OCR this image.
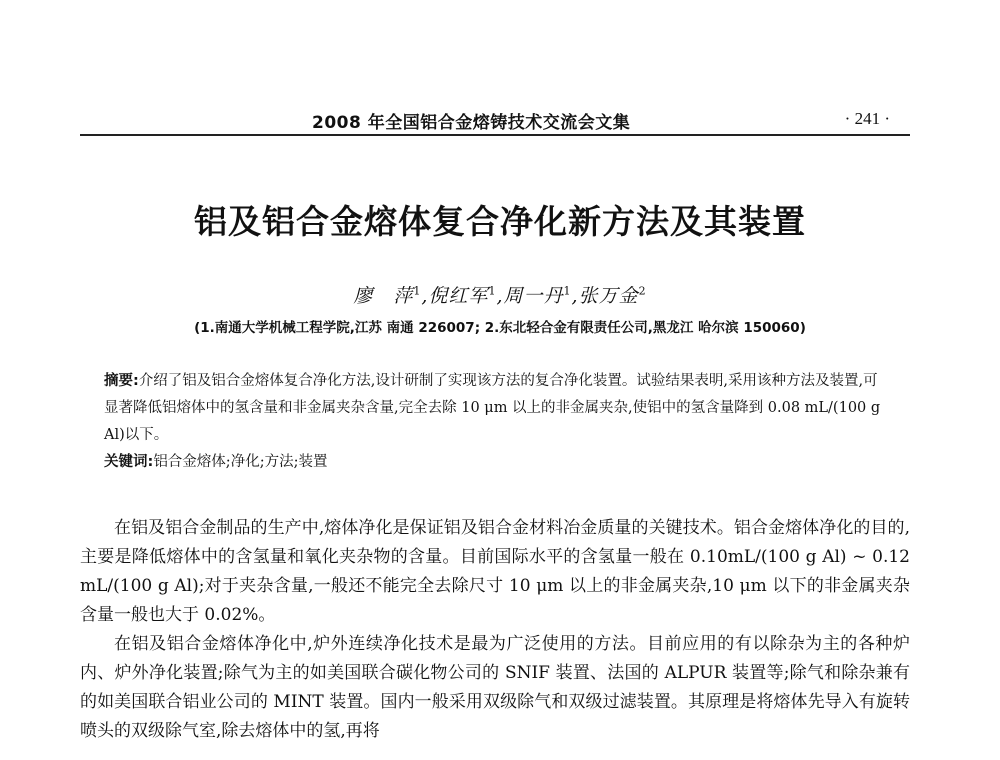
2008 年全国铝合金熔铸技术交流会文集	· 241 ·
铝及铝合金熔体复合净化新方法及其装置
廖　萍$^1$,倪红军$^1$,周一丹$^1$,张万金$^2$
(1.南通大学机械工程学院,江苏 南通 226007; 2.东北轻合金有限责任公司,黑龙江 哈尔滨 150060)
摘要:介绍了铝及铝合金熔体复合净化方法,设计研制了实现该方法的复合净化装置。试验结果表明,采用该种方法及装置,可显著降低铝熔体中的氢含量和非金属夹杂含量,完全去除 10 μm 以上的非金属夹杂,使铝中的氢含量降到 0.08 mL/(100 g Al)以下。
关键词:铝合金熔体;净化;方法;装置

在铝及铝合金制品的生产中,熔体净化是保证铝及铝合金材料冶金质量的关键技术。铝合金熔体净化的目的,主要是降低熔体中的含氢量和氧化夹杂物的含量。目前国际水平的含氢量一般在 0.10mL/(100 g Al) ~ 0.12 mL/(100 g Al);对于夹杂含量,一般还不能完全去除尺寸 10 μm 以上的非金属夹杂,10 μm 以下的非金属夹杂含量一般也大于 0.02%。

在铝及铝合金熔体净化中,炉外连续净化技术是最为广泛使用的方法。目前应用的有以除杂为主的各种炉内、炉外净化装置;除气为主的如美国联合碳化物公司的 SNIF 装置、法国的 ALPUR 装置等;除气和除杂兼有的如美国联合铝业公司的 MINT 装置。国内一般采用双级除气和双级过滤装置。其原理是将熔体先导入有旋转喷头的双级除气室,除去熔体中的氢,再将
